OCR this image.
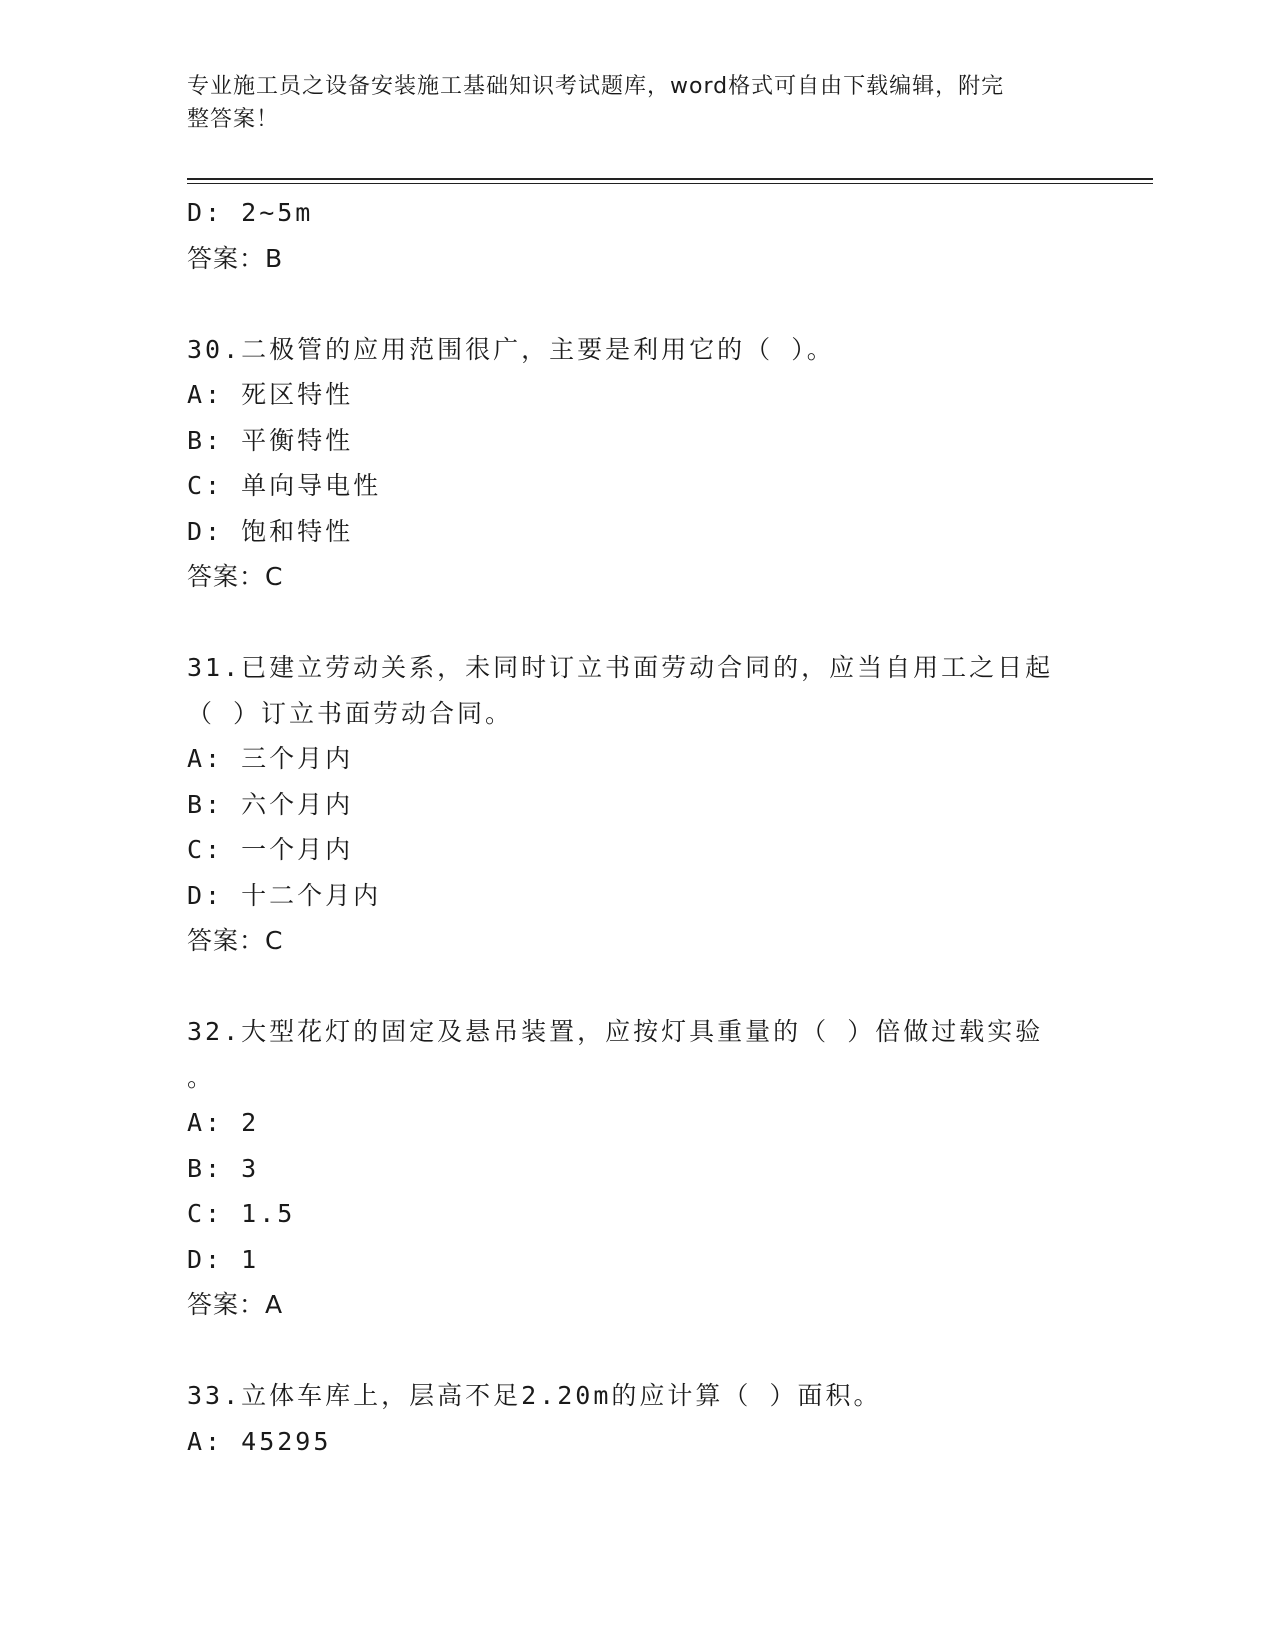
专业施工员之设备安装施工基础知识考试题库，word格式可自由下载编辑，附完
整答案！
D: 2~5m
答案：B
30.二极管的应用范围很广，主要是利用它的（ ）。
A: 死区特性
B: 平衡特性
C: 单向导电性
D: 饱和特性
答案：C
31.已建立劳动关系，未同时订立书面劳动合同的，应当自用工之日起
（ ）订立书面劳动合同。
A: 三个月内
B: 六个月内
C: 一个月内
D: 十二个月内
答案：C
32.大型花灯的固定及悬吊装置，应按灯具重量的（ ）倍做过载实验
。
A: 2
B: 3
C: 1.5
D: 1
答案：A
33.立体车库上，层高不足2.20m的应计算（ ）面积。
A: 45295
